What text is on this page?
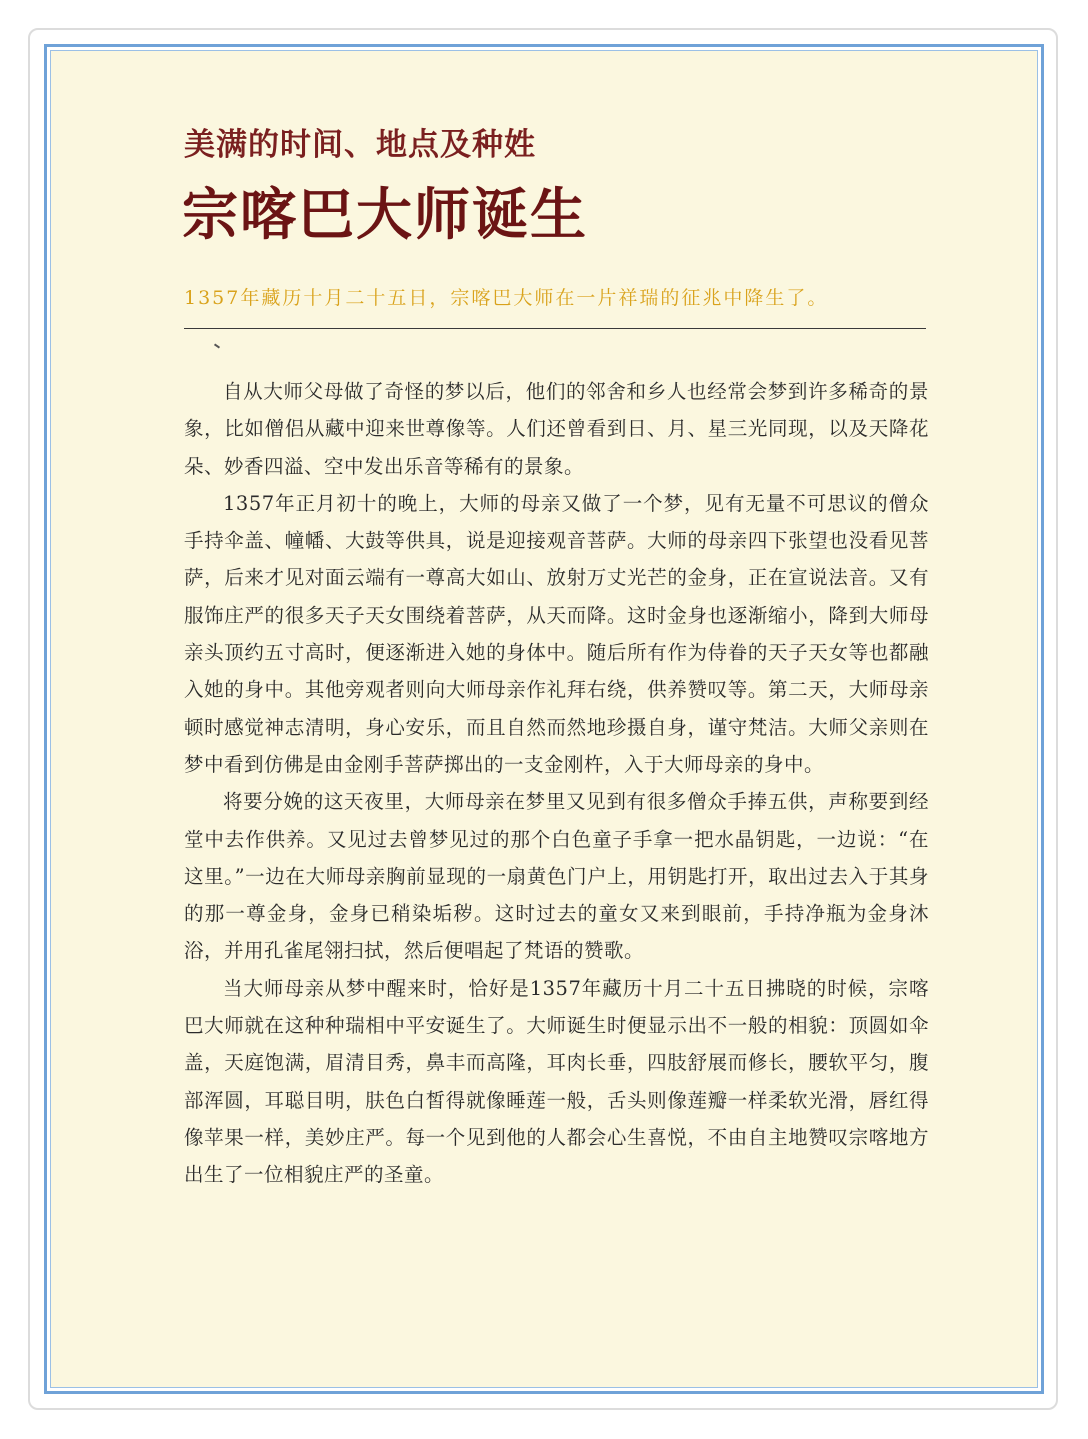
美满的时间、地点及种姓
宗喀巴大师诞生
1357年藏历十月二十五日，宗喀巴大师在一片祥瑞的征兆中降生了。

自从大师父母做了奇怪的梦以后，他们的邻舍和乡人也经常会梦到许多稀奇的景象，比如僧侣从藏中迎来世尊像等。人们还曾看到日、月、星三光同现，以及天降花朵、妙香四溢、空中发出乐音等稀有的景象。

1357年正月初十的晚上，大师的母亲又做了一个梦，见有无量不可思议的僧众手持伞盖、幢幡、大鼓等供具，说是迎接观音菩萨。大师的母亲四下张望也没看见菩萨，后来才见对面云端有一尊高大如山、放射万丈光芒的金身，正在宣说法音。又有服饰庄严的很多天子天女围绕着菩萨，从天而降。这时金身也逐渐缩小，降到大师母亲头顶约五寸高时，便逐渐进入她的身体中。随后所有作为侍眷的天子天女等也都融入她的身中。其他旁观者则向大师母亲作礼拜右绕，供养赞叹等。第二天，大师母亲顿时感觉神志清明，身心安乐，而且自然而然地珍摄自身，谨守梵洁。大师父亲则在梦中看到仿佛是由金刚手菩萨掷出的一支金刚杵，入于大师母亲的身中。

将要分娩的这天夜里，大师母亲在梦里又见到有很多僧众手捧五供，声称要到经堂中去作供养。又见过去曾梦见过的那个白色童子手拿一把水晶钥匙，一边说：“在这里。”一边在大师母亲胸前显现的一扇黄色门户上，用钥匙打开，取出过去入于其身的那一尊金身，金身已稍染垢秽。这时过去的童女又来到眼前，手持净瓶为金身沐浴，并用孔雀尾翎扫拭，然后便唱起了梵语的赞歌。

当大师母亲从梦中醒来时，恰好是1357年藏历十月二十五日拂晓的时候，宗喀巴大师就在这种种瑞相中平安诞生了。大师诞生时便显示出不一般的相貌：顶圆如伞盖，天庭饱满，眉清目秀，鼻丰而高隆，耳肉长垂，四肢舒展而修长，腰软平匀，腹部浑圆，耳聪目明，肤色白皙得就像睡莲一般，舌头则像莲瓣一样柔软光滑，唇红得像苹果一样，美妙庄严。每一个见到他的人都会心生喜悦，不由自主地赞叹宗喀地方出生了一位相貌庄严的圣童。
